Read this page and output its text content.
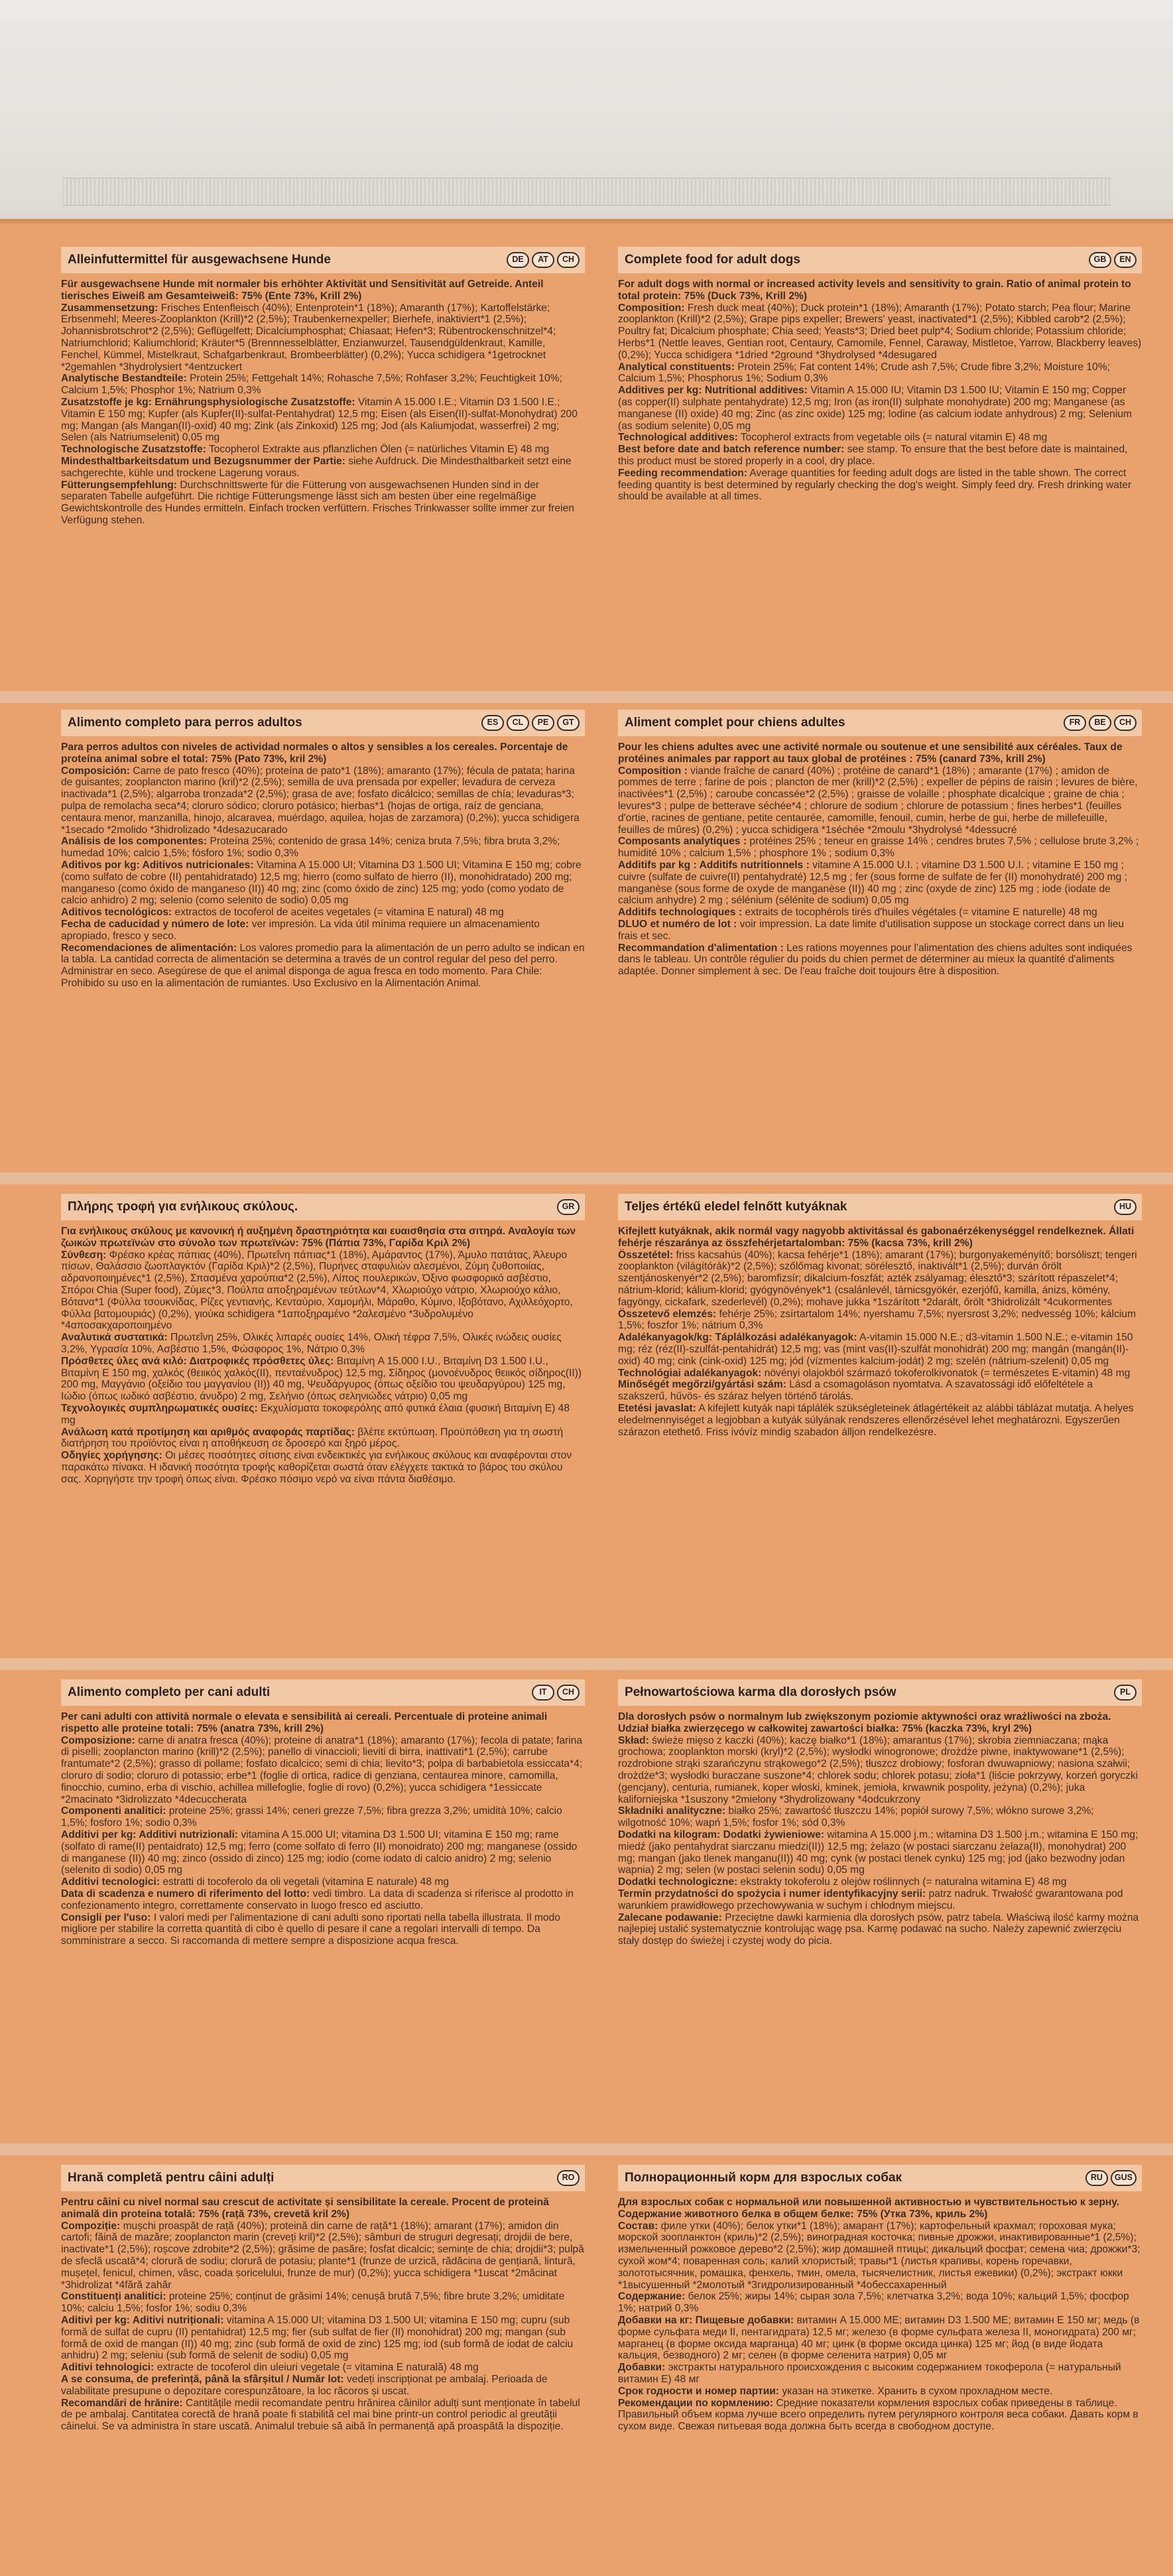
Alleinfuttermittel für ausgewachsene Hunde	DE	AT	CH

Für ausgewachsene Hunde mit normaler bis erhöhter Aktivität und Sensitivität auf Getreide. Anteil tierisches Eiweiß am Gesamteiweiß: 75% (Ente 73%, Krill 2%)

Zusammensetzung: Frisches Entenfleisch (40%); Entenprotein*1 (18%); Amaranth (17%); Kartoffelstärke; Erbsenmehl; Meeres-Zooplankton (Krill)*2 (2,5%); Traubenkernexpeller; Bierhefe, inaktiviert*1 (2,5%); Johannisbrotschrot*2 (2,5%); Geflügelfett; Dicalciumphosphat; Chiasaat; Hefen*3; Rübentrockenschnitzel*4; Natriumchlorid; Kaliumchlorid; Kräuter*5 (Brennnesselblätter, Enzianwurzel, Tausendgüldenkraut, Kamille, Fenchel, Kümmel, Mistelkraut, Schafgarbenkraut, Brombeerblätter) (0,2%); Yucca schidigera *1getrocknet *2gemahlen *3hydrolysiert *4entzuckert

Analytische Bestandteile: Protein 25%; Fettgehalt 14%; Rohasche 7,5%; Rohfaser 3,2%; Feuchtigkeit 10%; Calcium 1,5%; Phosphor 1%; Natrium 0,3%

Zusatzstoffe je kg: Ernährungsphysiologische Zusatzstoffe: Vitamin A 15.000 I.E.; Vitamin D3 1.500 I.E.; Vitamin E 150 mg; Kupfer (als Kupfer(II)-sulfat-Pentahydrat) 12,5 mg; Eisen (als Eisen(II)-sulfat-Monohydrat) 200 mg; Mangan (als Mangan(II)-oxid) 40 mg; Zink (als Zinkoxid) 125 mg; Jod (als Kaliumjodat, wasserfrei) 2 mg; Selen (als Natriumselenit) 0,05 mg

Technologische Zusatzstoffe: Tocopherol Extrakte aus pflanzlichen Ölen (= natürliches Vitamin E) 48 mg

Mindesthaltbarkeitsdatum und Bezugsnummer der Partie: siehe Aufdruck. Die Mindesthaltbarkeit setzt eine sachgerechte, kühle und trockene Lagerung voraus.

Fütterungsempfehlung: Durchschnittswerte für die Fütterung von ausgewachsenen Hunden sind in der separaten Tabelle aufgeführt. Die richtige Fütterungsmenge lässt sich am besten über eine regelmäßige Gewichtskontrolle des Hundes ermitteln. Einfach trocken verfüttern. Frisches Trinkwasser sollte immer zur freien Verfügung stehen.

Complete food for adult dogs	GB	EN

For adult dogs with normal or increased activity levels and sensitivity to grain. Ratio of animal protein to total protein: 75% (Duck 73%, Krill 2%)

Composition: Fresh duck meat (40%); Duck protein*1 (18%); Amaranth (17%); Potato starch; Pea flour; Marine zooplankton (Krill)*2 (2,5%); Grape pips expeller; Brewers' yeast, inactivated*1 (2,5%); Kibbled carob*2 (2,5%); Poultry fat; Dicalcium phosphate; Chia seed; Yeasts*3; Dried beet pulp*4; Sodium chloride; Potassium chloride; Herbs*1 (Nettle leaves, Gentian root, Centaury, Camomile, Fennel, Caraway, Mistletoe, Yarrow, Blackberry leaves) (0,2%); Yucca schidigera *1dried *2ground *3hydrolysed *4desugared

Analytical constituents: Protein 25%; Fat content 14%; Crude ash 7,5%; Crude fibre 3,2%; Moisture 10%; Calcium 1,5%; Phosphorus 1%; Sodium 0,3%

Additives per kg: Nutritional additives: Vitamin A 15.000 IU; Vitamin D3 1.500 IU; Vitamin E 150 mg; Copper (as copper(II) sulphate pentahydrate) 12,5 mg; Iron (as iron(II) sulphate monohydrate) 200 mg; Manganese (as manganese (II) oxide) 40 mg; Zinc (as zinc oxide) 125 mg; Iodine (as calcium iodate anhydrous) 2 mg; Selenium (as sodium selenite) 0,05 mg

Technological additives: Tocopherol extracts from vegetable oils (= natural vitamin E) 48 mg

Best before date and batch reference number: see stamp. To ensure that the best before date is maintained, this product must be stored properly in a cool, dry place.

Feeding recommendation: Average quantities for feeding adult dogs are listed in the table shown. The correct feeding quantity is best determined by regularly checking the dog's weight. Simply feed dry. Fresh drinking water should be available at all times.

Alimento completo para perros adultos	ES	CL	PE	GT

Para perros adultos con niveles de actividad normales o altos y sensibles a los cereales. Porcentaje de proteína animal sobre el total: 75% (Pato 73%, kril 2%)

Composición: Carne de pato fresco (40%); proteína de pato*1 (18%); amaranto (17%); fécula de patata; harina de guisantes; zooplancton marino (kril)*2 (2,5%); semilla de uva prensada por expeller; levadura de cerveza inactivada*1 (2,5%); algarroba tronzada*2 (2,5%); grasa de ave; fosfato dicálcico; semillas de chía; levaduras*3; pulpa de remolacha seca*4; cloruro sódico; cloruro potásico; hierbas*1 (hojas de ortiga, raíz de genciana, centaura menor, manzanilla, hinojo, alcaravea, muérdago, aquilea, hojas de zarzamora) (0,2%); yucca schidigera *1secado *2molido *3hidrolizado *4desazucarado

Análisis de los componentes: Proteína 25%; contenido de grasa 14%; ceniza bruta 7,5%; fibra bruta 3,2%; humedad 10%; calcio 1,5%; fósforo 1%; sodio 0,3%

Aditivos por kg: Aditivos nutricionales: Vitamina A 15.000 UI; Vitamina D3 1.500 UI; Vitamina E 150 mg; cobre (como sulfato de cobre (II) pentahidratado) 12,5 mg; hierro (como sulfato de hierro (II), monohidratado) 200 mg; manganeso (como óxido de manganeso (II)) 40 mg; zinc (como óxido de zinc) 125 mg; yodo (como yodato de calcio anhidro) 2 mg; selenio (como selenito de sodio) 0,05 mg

Aditivos tecnológicos: extractos de tocoferol de aceites vegetales (= vitamina E natural) 48 mg

Fecha de caducidad y número de lote: ver impresión. La vida útil mínima requiere un almacenamiento apropiado, fresco y seco.

Recomendaciones de alimentación: Los valores promedio para la alimentación de un perro adulto se indican en la tabla. La cantidad correcta de alimentación se determina a través de un control regular del peso del perro. Administrar en seco. Asegúrese de que el animal disponga de agua fresca en todo momento. Para Chile: Prohibido su uso en la alimentación de rumiantes. Uso Exclusivo en la Alimentación Animal.

Aliment complet pour chiens adultes	FR	BE	CH

Pour les chiens adultes avec une activité normale ou soutenue et une sensibilité aux céréales. Taux de protéines animales par rapport au taux global de protéines : 75% (canard 73%, krill 2%)

Composition : viande fraîche de canard (40%) ; protéine de canard*1 (18%) ; amarante (17%) ; amidon de pommes de terre ; farine de pois ; plancton de mer (krill)*2 (2,5%) ; expeller de pépins de raisin ; levures de bière, inactivées*1 (2,5%) ; caroube concassée*2 (2,5%) ; graisse de volaille ; phosphate dicalcique ; graine de chia ; levures*3 ; pulpe de betterave séchée*4 ; chlorure de sodium ; chlorure de potassium ; fines herbes*1 (feuilles d'ortie, racines de gentiane, petite centaurée, camomille, fenouil, cumin, herbe de gui, herbe de millefeuille, feuilles de mûres) (0,2%) ; yucca schidigera *1séchée *2moulu *3hydrolysé *4dessucré

Composants analytiques : protéines 25% ; teneur en graisse 14% ; cendres brutes 7,5% ; cellulose brute 3,2% ; humidité 10% ; calcium 1,5% ; phosphore 1% ; sodium 0,3%

Additifs par kg : Additifs nutritionnels : vitamine A 15.000 U.I. ; vitamine D3 1.500 U.I. ; vitamine E 150 mg ; cuivre (sulfate de cuivre(II) pentahydraté) 12,5 mg ; fer (sous forme de sulfate de fer (II) monohydraté) 200 mg ; manganèse (sous forme de oxyde de manganèse (II)) 40 mg ; zinc (oxyde de zinc) 125 mg ; iode (iodate de calcium anhydre) 2 mg ; sélénium (sélénite de sodium) 0,05 mg

Additifs technologiques : extraits de tocophérols tirés d'huiles végétales (= vitamine E naturelle) 48 mg

DLUO et numéro de lot : voir impression. La date limite d'utilisation suppose un stockage correct dans un lieu frais et sec.

Recommandation d'alimentation : Les rations moyennes pour l'alimentation des chiens adultes sont indiquées dans le tableau. Un contrôle régulier du poids du chien permet de déterminer au mieux la quantité d'aliments adaptée. Donner simplement à sec. De l'eau fraîche doit toujours être à disposition.

Πλήρης τροφή για ενήλικους σκύλους.	GR

Για ενήλικους σκύλους με κανονική ή αυξημένη δραστηριότητα και ευαισθησία στα σιτηρά. Αναλογία των ζωικών πρωτεϊνών στο σύνολο των πρωτεϊνών: 75% (Πάπια 73%, Γαρίδα Κριλ 2%)

Σύνθεση: Φρέσκο κρέας πάπιας (40%), Πρωτεΐνη πάπιας*1 (18%), Αμάραντος (17%), Άμυλο πατάτας, Άλευρο πίσων, Θαλάσσιο ζωοπλαγκτόν (Γαρίδα Κριλ)*2 (2,5%), Πυρήνες σταφυλιών αλεσμένοι, Ζύμη ζυθοποιίας, αδρανοποιημένες*1 (2,5%), Σπασμένα χαρούπια*2 (2,5%), Λίπος πουλερικών, Όξινο φωσφορικό ασβέστιο, Σπόροι Chia (Super food), Ζύμες*3, Πούλπα αποξηραμένων τεύτλων*4, Χλωριούχο νάτριο, Χλωριούχο κάλιο, Βότανα*1 (Φύλλα τσουκνίδας, Ρίζες γεντιανής, Κενταύριο, Χαμομήλι, Μάραθο, Κύμινο, Ιξοβότανο, Αχιλλεόχορτο, Φύλλα βατομουριάς) (0,2%), γιούκα schidigera *1αποξηραμένο *2αλεσμένο *3υδρολυμένο *4αποσακχαροποιημένο

Αναλυτικά συστατικά: Πρωτεΐνη 25%, Ολικές λιπαρές ουσίες 14%, Ολική τέφρα 7,5%, Ολικές ινώδεις ουσίες 3,2%, Υγρασία 10%, Ασβέστιο 1,5%, Φώσφορος 1%, Νάτριο 0,3%

Πρόσθετες ύλες ανά κιλό: Διατροφικές πρόσθετες ύλες: Βιταμίνη A 15.000 I.U., Βιταμίνη D3 1.500 I.U., Βιταμίνη E 150 mg, χαλκός (θειικός χαλκός(ΙΙ), πενταένυδρος) 12,5 mg, Σίδηρος (μονοένυδρος θειικός σίδηρος(ΙΙ)) 200 mg, Μαγγάνιο (οξείδιο του μαγγανίου (ΙΙ)) 40 mg, Ψευδάργυρος (όπως οξείδιο του ψευδαργύρου) 125 mg, Ιώδιο (όπως ιωδικό ασβέστιο, άνυδρο) 2 mg, Σελήνιο (όπως σεληνιώδες νάτριο) 0,05 mg

Τεχνολογικές συμπληρωματικές ουσίες: Εκχυλίσματα τοκοφερόλης από φυτικά έλαια (φυσική Βιταμίνη E) 48 mg

Ανάλωση κατά προτίμηση και αριθμός αναφοράς παρτίδας: βλέπε εκτύπωση. Προϋπόθεση για τη σωστή διατήρηση του προϊόντος είναι η αποθήκευση σε δροσερό και ξηρό μέρος.

Οδηγίες χορήγησης: Οι μέσες ποσότητες σίτισης είναι ενδεικτικές για ενήλικους σκύλους και αναφέρονται στον παρακάτω πίνακα. Η ιδανική ποσότητα τροφής καθορίζεται σωστά όταν ελέγχετε τακτικά το βάρος του σκύλου σας. Χορηγήστε την τροφή όπως είναι. Φρέσκο πόσιμο νερό να είναι πάντα διαθέσιμο.

Teljes értékű eledel felnőtt kutyáknak	HU

Kifejlett kutyáknak, akik normál vagy nagyobb aktivitással és gabonaérzékenységgel rendelkeznek. Állati fehérje részaránya az összfehérjetartalomban: 75% (kacsa 73%, krill 2%)

Összetétel: friss kacsahús (40%); kacsa fehérje*1 (18%); amarant (17%); burgonyakeményítő; borsóliszt; tengeri zooplankton (világítórák)*2 (2,5%); szőlőmag kivonat; sörélesztő, inaktivált*1 (2,5%); durván őrölt szentjánoskenyér*2 (2,5%); baromfizsír; dikalcium-foszfát; azték zsályamag; élesztő*3; szárított répaszelet*4; nátrium-klorid; kálium-klorid; gyógynövények*1 (csalánlevél, tárnicsgyökér, ezerjófű, kamilla, ánizs, kömény, fagyöngy, cickafark, szederlevél) (0,2%); mohave jukka *1szárított *2darált, őrölt *3hidrolizált *4cukormentes

Összetevő elemzés: fehérje 25%; zsírtartalom 14%; nyershamu 7,5%; nyersrost 3,2%; nedvesség 10%; kálcium 1,5%; foszfor 1%; nátrium 0,3%

Adalékanyagok/kg: Táplálkozási adalékanyagok: A-vitamin 15.000 N.E.; d3-vitamin 1.500 N.E.; e-vitamin 150 mg; réz (réz(II)-szulfát-pentahidrát) 12,5 mg; vas (mint vas(II)-szulfát monohidrát) 200 mg; mangán (mangán(II)-oxid) 40 mg; cink (cink-oxid) 125 mg; jód (vízmentes kalcium-jodát) 2 mg; szelén (nátrium-szelenit) 0,05 mg

Technológiai adalékanyagok: növényi olajokból származó tokoferolkivonatok (= természetes E-vitamin) 48 mg

Minőségét megőrzi/gyártási szám: Lásd a csomagoláson nyomtatva. A szavatossági idő előfeltétele a szakszerű, hűvös- és száraz helyen történő tárolás.

Etetési javaslat: A kifejlett kutyák napi táplálék szükségleteinek átlagértékeit az alábbi táblázat mutatja. A helyes eledelmennyiséget a legjobban a kutyák súlyának rendszeres ellenőrzésével lehet meghatározni. Egyszerűen szárazon etethető. Friss ivóvíz mindig szabadon álljon rendelkezésre.

Alimento completo per cani adulti	IT	CH

Per cani adulti con attività normale o elevata e sensibilità ai cereali. Percentuale di proteine animali rispetto alle proteine totali: 75% (anatra 73%, krill 2%)

Composizione: carne di anatra fresca (40%); proteine di anatra*1 (18%); amaranto (17%); fecola di patate; farina di piselli; zooplancton marino (krill)*2 (2,5%); panello di vinaccioli; lieviti di birra, inattivati*1 (2,5%); carrube frantumate*2 (2,5%); grasso di pollame; fosfato dicalcico; semi di chia; lievito*3; polpa di barbabietola essiccata*4; cloruro di sodio; cloruro di potassio; erbe*1 (foglie di ortica, radice di genziana, centaurea minore, camomilla, finocchio, cumino, erba di vischio, achillea millefoglie, foglie di rovo) (0,2%); yucca schidigera *1essiccate *2macinato *3idrolizzato *4decuccherata

Componenti analitici: proteine 25%; grassi 14%; ceneri grezze 7,5%; fibra grezza 3,2%; umidità 10%; calcio 1,5%; fosforo 1%; sodio 0,3%

Additivi per kg: Additivi nutrizionali: vitamina A 15.000 UI; vitamina D3 1.500 UI; vitamina E 150 mg; rame (solfato di rame(II) pentaidrato) 12,5 mg; ferro (come solfato di ferro (II) monoidrato) 200 mg; manganese (ossido di manganese (II)) 40 mg; zinco (ossido di zinco) 125 mg; iodio (come iodato di calcio anidro) 2 mg; selenio (selenito di sodio) 0,05 mg

Additivi tecnologici: estratti di tocoferolo da oli vegetali (vitamina E naturale) 48 mg

Data di scadenza e numero di riferimento del lotto: vedi timbro. La data di scadenza si riferisce al prodotto in confezionamento integro, correttamente conservato in luogo fresco ed asciutto.

Consigli per l'uso: I valori medi per l'alimentazione di cani adulti sono riportati nella tabella illustrata. Il modo migliore per stabilire la corretta quantità di cibo è quello di pesare il cane a regolari intervalli di tempo. Da somministrare a secco. Si raccomanda di mettere sempre a disposizione acqua fresca.

Pełnowartościowa karma dla dorosłych psów	PL

Dla dorosłych psów o normalnym lub zwiększonym poziomie aktywności oraz wrażliwości na zboża. Udział białka zwierzęcego w całkowitej zawartości białka: 75% (kaczka 73%, kryl 2%)

Skład: świeże mięso z kaczki (40%); kaczę białko*1 (18%); amarantus (17%); skrobia ziemniaczana; mąka grochowa; zooplankton morski (kryl)*2 (2,5%); wysłodki winogronowe; drożdże piwne, inaktywowane*1 (2,5%); rozdrobione strąki szarańczynu strąkowego*2 (2,5%); tłuszcz drobiowy; fosforan dwuwapniowy; nasiona szałwii; drożdże*3; wysłodki buraczane suszone*4; chlorek sodu; chlorek potasu; zioła*1 (liście pokrzywy, korzeń goryczki (gencjany), centuria, rumianek, koper włoski, kminek, jemioła, krwawnik pospolity, jeżyna) (0,2%); juka kaliforniejska *1suszony *2mielony *3hydrolizowany *4odcukrzony

Składniki analityczne: białko 25%; zawartość tłuszczu 14%; popiół surowy 7,5%; włókno surowe 3,2%; wilgotność 10%; wapń 1,5%; fosfor 1%; sód 0,3%

Dodatki na kilogram: Dodatki żywieniowe: witamina A 15.000 j.m.; witamina D3 1.500 j.m.; witamina E 150 mg; miedź (jako pentahydrat siarczanu miedzi(II)) 12,5 mg; żelazo (w postaci siarczanu żelaza(II), monohydrat) 200 mg; mangan (jako tlenek manganu(II)) 40 mg; cynk (w postaci tlenek cynku) 125 mg; jod (jako bezwodny jodan wapnia) 2 mg; selen (w postaci selenin sodu) 0,05 mg

Dodatki technologiczne: ekstrakty tokoferolu z olejów roślinnych (= naturalna witamina E) 48 mg

Termin przydatności do spożycia i numer identyfikacyjny serii: patrz nadruk. Trwałość gwarantowana pod warunkiem prawidłowego przechowywania w suchym i chłodnym miejscu.

Zalecane podawanie: Przeciętne dawki karmienia dla dorosłych psów, patrz tabela. Właściwą ilość karmy można najlepiej ustalić systematycznie kontrolując wagę psa. Karmę podawać na sucho. Należy zapewnić zwierzęciu stały dostęp do świeżej i czystej wody do picia.

Hrană completă pentru câini adulți	RO

Pentru câini cu nivel normal sau crescut de activitate și sensibilitate la cereale. Procent de proteină animală din proteina totală: 75% (rață 73%, crevetă kril 2%)

Compoziție: mușchi proaspăt de rață (40%); proteină din carne de rață*1 (18%); amarant (17%); amidon din cartofi; făină de mazăre; zooplancton marin (creveți kril)*2 (2,5%); sâmburi de struguri degresați; drojdii de bere, inactivate*1 (2,5%); roșcove zdrobite*2 (2,5%); grăsime de pasăre; fosfat dicalcic; semințe de chia; drojdii*3; pulpă de sfeclă uscată*4; clorură de sodiu; clorură de potasiu; plante*1 (frunze de urzică, rădăcina de gențiană, lintură, mușețel, fenicul, chimen, vâsc, coada șoricelului, frunze de mur) (0,2%); yucca schidigera *1uscat *2măcinat *3hidrolizat *4fără zahăr

Constituenți analitici: proteine 25%; conținut de grăsimi 14%; cenușă brută 7,5%; fibre brute 3,2%; umiditate 10%; calciu 1,5%; fosfor 1%; sodiu 0,3%

Aditivi per kg: Aditivi nutriționali: vitamina A 15.000 UI; vitamina D3 1.500 UI; vitamina E 150 mg; cupru (sub formă de sulfat de cupru (II) pentahidrat) 12,5 mg; fier (sub sulfat de fier (II) monohidrat) 200 mg; mangan (sub formă de oxid de mangan (II)) 40 mg; zinc (sub formă de oxid de zinc) 125 mg; iod (sub formă de iodat de calciu anhidru) 2 mg; seleniu (sub formă de selenit de sodiu) 0,05 mg

Aditivi tehnologici: extracte de tocoferol din uleiuri vegetale (= vitamina E naturală) 48 mg

A se consuma, de preferință, până la sfârșitul / Număr lot: vedeți inscripționat pe ambalaj. Perioada de valabilitate presupune o depozitare corespunzătoare, la loc răcoros și uscat.

Recomandări de hrănire: Cantitățile medii recomandate pentru hrănirea câinilor adulți sunt menționate în tabelul de pe ambalaj. Cantitatea corectă de hrană poate fi stabilită cel mai bine printr-un control periodic al greutății câinelui. Se va administra în stare uscată. Animalul trebuie să aibă în permanență apă proaspătă la dispoziție.

Полнорационный корм для взрослых собак	RU	GUS

Для взрослых собак с нормальной или повышенной активностью и чувствительностью к зерну. Содержание животного белка в общем белке: 75% (Утка 73%, криль 2%)

Состав: филе утки (40%); белок утки*1 (18%); амарант (17%); картофельный крахмал; гороховая мука; морской зоопланктон (криль)*2 (2,5%); виноградная косточка; пивные дрожжи, инактивированные*1 (2,5%); измельченный рожковое дерево*2 (2,5%); жир домашней птицы; дикальций фосфат; семена чиа; дрожжи*3; сухой жом*4; поваренная соль; калий хлористый; травы*1 (листья крапивы, корень горечавки, золототысячник, ромашка, фенхель, тмин, омела, тысячелистник, листья ежевики) (0,2%); экстракт юкки *1высушенный *2молотый *3гидролизированный *4обессахаренный

Содержание: белок 25%; жиры 14%; сырая зола 7,5%; клетчатка 3,2%; вода 10%; кальций 1,5%; фосфор 1%; натрий 0,3%

Добавки на кг: Пищевые добавки: витамин A 15.000 МЕ; витамин D3 1.500 МЕ; витамин E 150 мг; медь (в форме сульфата меди II, пентагидрата) 12,5 мг; железо (в форме сульфата железа II, моногидрата) 200 мг; марганец (в форме оксида марганца) 40 мг; цинк (в форме оксида цинка) 125 мг; йод (в виде йодата кальция, безводного) 2 мг; селен (в форме селенита натрия) 0,05 мг

Добавки: экстракты натурального происхождения с высоким содержанием токоферола (= натуральный витамин E) 48 мг

Срок годности и номер партии: указан на этикетке. Хранить в сухом прохладном месте.

Рекомендации по кормлению: Средние показатели кормления взрослых собак приведены в таблице. Правильный объем корма лучше всего определить путем регулярного контроля веса собаки. Давать корм в сухом виде. Свежая питьевая вода должна быть всегда в свободном доступе.
